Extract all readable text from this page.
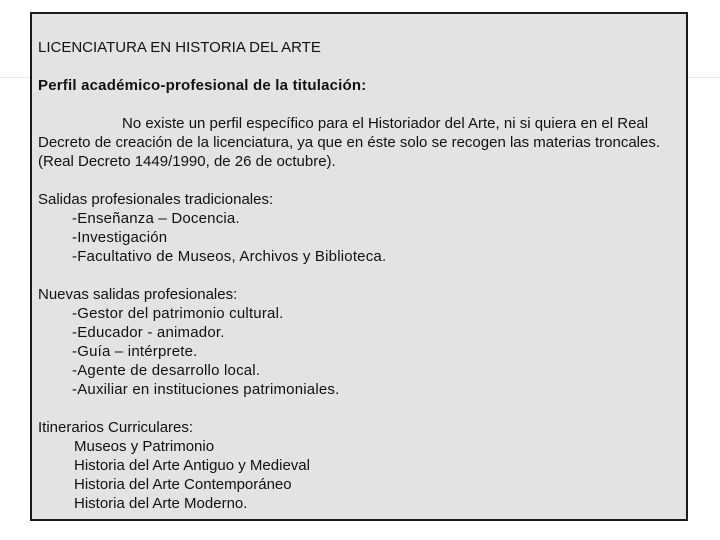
LICENCIATURA EN HISTORIA DEL ARTE
Perfil académico-profesional de la titulación:
No existe un perfil específico para el Historiador del Arte, ni si quiera en el Real Decreto de creación de la licenciatura, ya que en éste solo se recogen las materias troncales. (Real Decreto 1449/1990, de 26 de octubre).
Salidas profesionales tradicionales:
-Enseñanza – Docencia.
-Investigación
-Facultativo de Museos, Archivos y Biblioteca.
Nuevas salidas profesionales:
-Gestor del patrimonio cultural.
-Educador - animador.
-Guía – intérprete.
-Agente de desarrollo local.
-Auxiliar en instituciones patrimoniales.
Itinerarios Curriculares:
Museos y Patrimonio
Historia del Arte Antiguo y Medieval
Historia del Arte Contemporáneo
Historia del Arte Moderno.
